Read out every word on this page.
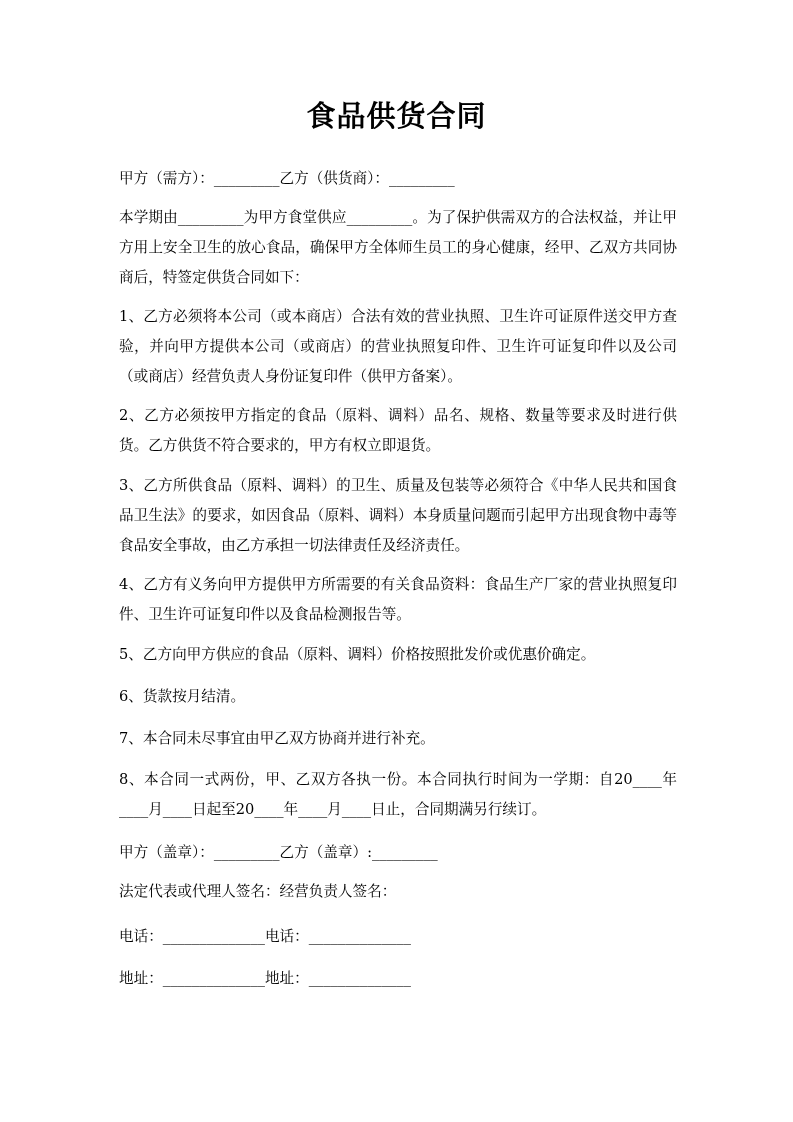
食品供货合同
甲方（需方）：_________乙方（供货商）：_________
本学期由_________为甲方食堂供应_________。为了保护供需双方的合法权益，并让甲方用上安全卫生的放心食品，确保甲方全体师生员工的身心健康，经甲、乙双方共同协商后，特签定供货合同如下：
1、乙方必须将本公司（或本商店）合法有效的营业执照、卫生许可证原件送交甲方查验，并向甲方提供本公司（或商店）的营业执照复印件、卫生许可证复印件以及公司（或商店）经营负责人身份证复印件（供甲方备案）。
2、乙方必须按甲方指定的食品（原料、调料）品名、规格、数量等要求及时进行供货。乙方供货不符合要求的，甲方有权立即退货。
3、乙方所供食品（原料、调料）的卫生、质量及包装等必须符合《中华人民共和国食品卫生法》的要求，如因食品（原料、调料）本身质量问题而引起甲方出现食物中毒等食品安全事故，由乙方承担一切法律责任及经济责任。
4、乙方有义务向甲方提供甲方所需要的有关食品资料：食品生产厂家的营业执照复印件、卫生许可证复印件以及食品检测报告等。
5、乙方向甲方供应的食品（原料、调料）价格按照批发价或优惠价确定。
6、货款按月结清。
7、本合同未尽事宜由甲乙双方协商并进行补充。
8、本合同一式两份，甲、乙双方各执一份。本合同执行时间为一学期：自20____年____月____日起至20____年____月____日止，合同期满另行续订。
甲方（盖章）：_________乙方（盖章）:_________
法定代表或代理人签名：经营负责人签名：
电话：______________电话：______________
地址：______________地址：______________
